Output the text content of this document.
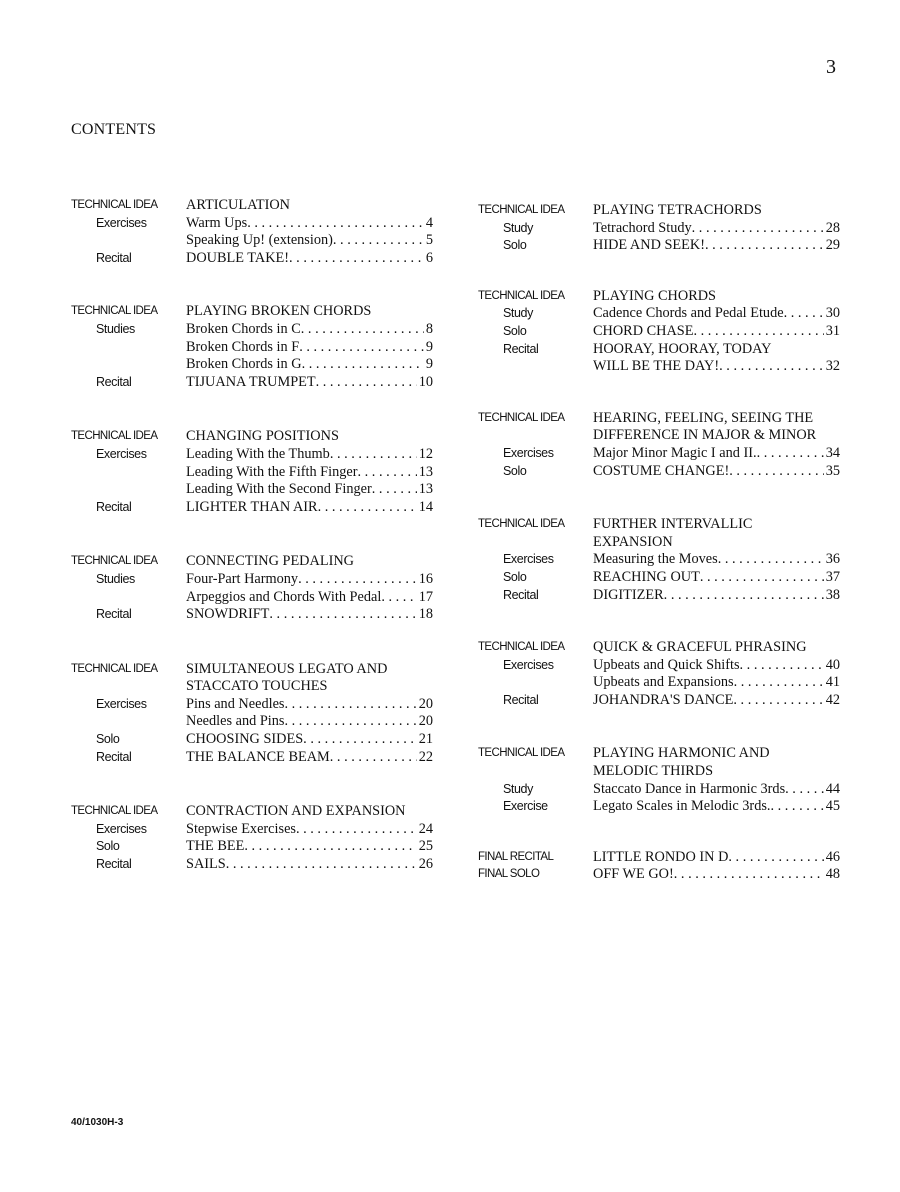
3
CONTENTS
TECHNICAL IDEA	ARTICULATION
Exercises	Warm Ups . . .	4
Speaking Up! (extension) . . .	5
Recital	DOUBLE TAKE! . . .	6
TECHNICAL IDEA	PLAYING BROKEN CHORDS
Studies	Broken Chords in C . . .	8
Broken Chords in F . . .	9
Broken Chords in G . . .	9
Recital	TIJUANA TRUMPET . . .	10
TECHNICAL IDEA	CHANGING POSITIONS
Exercises	Leading With the Thumb . . .	12
Leading With the Fifth Finger . . .	13
Leading With the Second Finger . . .	13
Recital	LIGHTER THAN AIR . . .	14
TECHNICAL IDEA	CONNECTING PEDALING
Studies	Four-Part Harmony . . .	16
Arpeggios and Chords With Pedal . . .	17
Recital	SNOWDRIFT . . .	18
TECHNICAL IDEA	SIMULTANEOUS LEGATO AND
STACCATO TOUCHES
Exercises	Pins and Needles . . .	20
Needles and Pins . . .	20
Solo	CHOOSING SIDES . . .	21
Recital	THE BALANCE BEAM . . .	22
TECHNICAL IDEA	CONTRACTION AND EXPANSION
Exercises	Stepwise Exercises . . .	24
Solo	THE BEE . . .	25
Recital	SAILS . . .	26
TECHNICAL IDEA	PLAYING TETRACHORDS
Study	Tetrachord Study . . .	28
Solo	HIDE AND SEEK! . . .	29
TECHNICAL IDEA	PLAYING CHORDS
Study	Cadence Chords and Pedal Etude . . .	30
Solo	CHORD CHASE . . .	31
Recital	HOORAY, HOORAY, TODAY
WILL BE THE DAY! . . .	32
TECHNICAL IDEA	HEARING, FEELING, SEEING THE
DIFFERENCE IN MAJOR & MINOR
Exercises	Major Minor Magic I and II. . . .	34
Solo	COSTUME CHANGE! . . .	35
TECHNICAL IDEA	FURTHER INTERVALLIC
EXPANSION
Exercises	Measuring the Moves . . .	36
Solo	REACHING OUT . . .	37
Recital	DIGITIZER . . .	38
TECHNICAL IDEA	QUICK & GRACEFUL PHRASING
Exercises	Upbeats and Quick Shifts . . .	40
Upbeats and Expansions . . .	41
Recital	JOHANDRA'S DANCE . . .	42
TECHNICAL IDEA	PLAYING HARMONIC AND
MELODIC THIRDS
Study	Staccato Dance in Harmonic 3rds . . .	44
Exercise	Legato Scales in Melodic 3rds. . . .	45
FINAL RECITAL	LITTLE RONDO IN D . . .	46
FINAL SOLO	OFF WE GO! . . .	48
40/1030H-3
